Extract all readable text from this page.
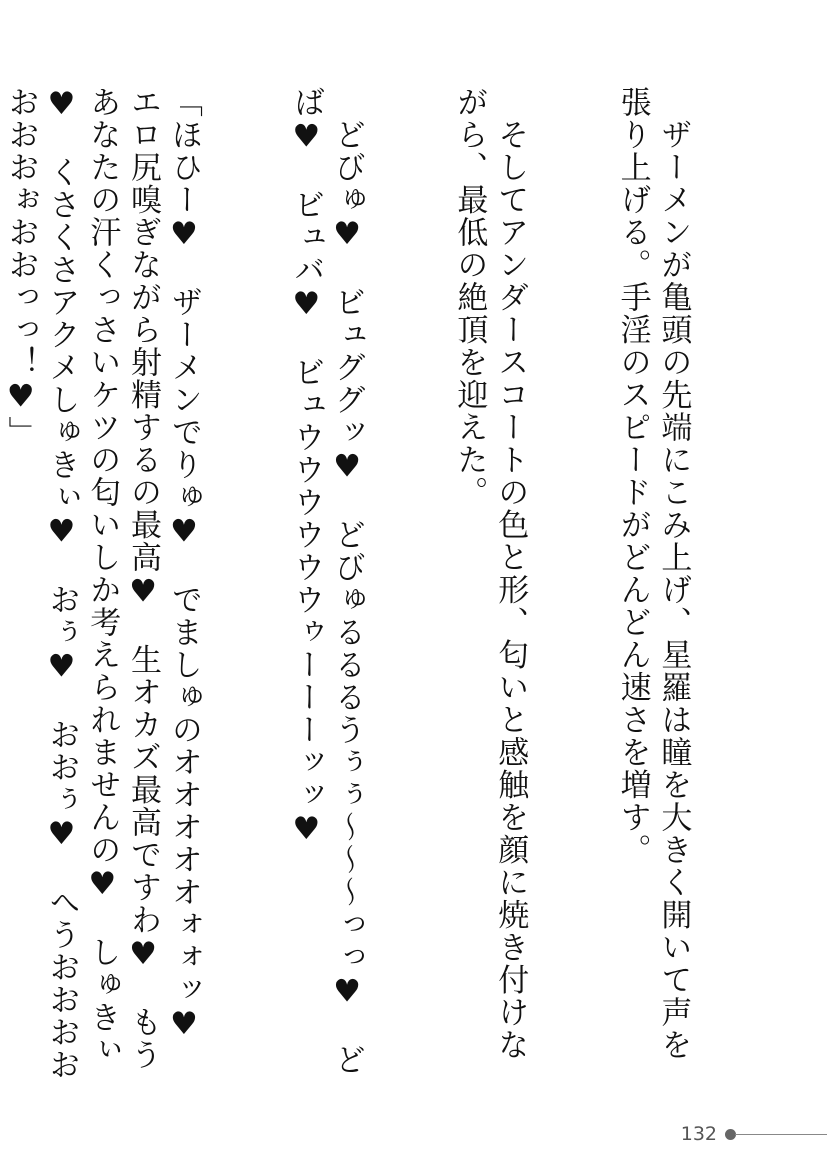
　ザーメンが亀頭の先端にこみ上げ、星羅は瞳を大きく開いて声を張り上げる。手淫のスピードがどんどん速さを増す。

　そしてアンダースコートの色と形、匂いと感触を顔に焼き付けながら、最低の絶頂を迎えた。

　どびゅ♥　ビュググッ♥　どびゅるるるうぅぅ〜〜〜っっ♥　どば♥　ビュバ♥　ビュウウウウウウゥーーーッッ♥

「ほひー♥　ザーメンでりゅ♥　でましゅのオオオオオォォッ♥　エロ尻嗅ぎながら射精するの最高♥　生オカズ最高ですわ♥　もうあなたの汗くっさいケツの匂いしか考えられませんの♥　しゅきぃ♥　くさくさアクメしゅきぃ♥　おぅ♥　おおぅ♥　へうおおおおおおおぉおおっっ！♥」

132
